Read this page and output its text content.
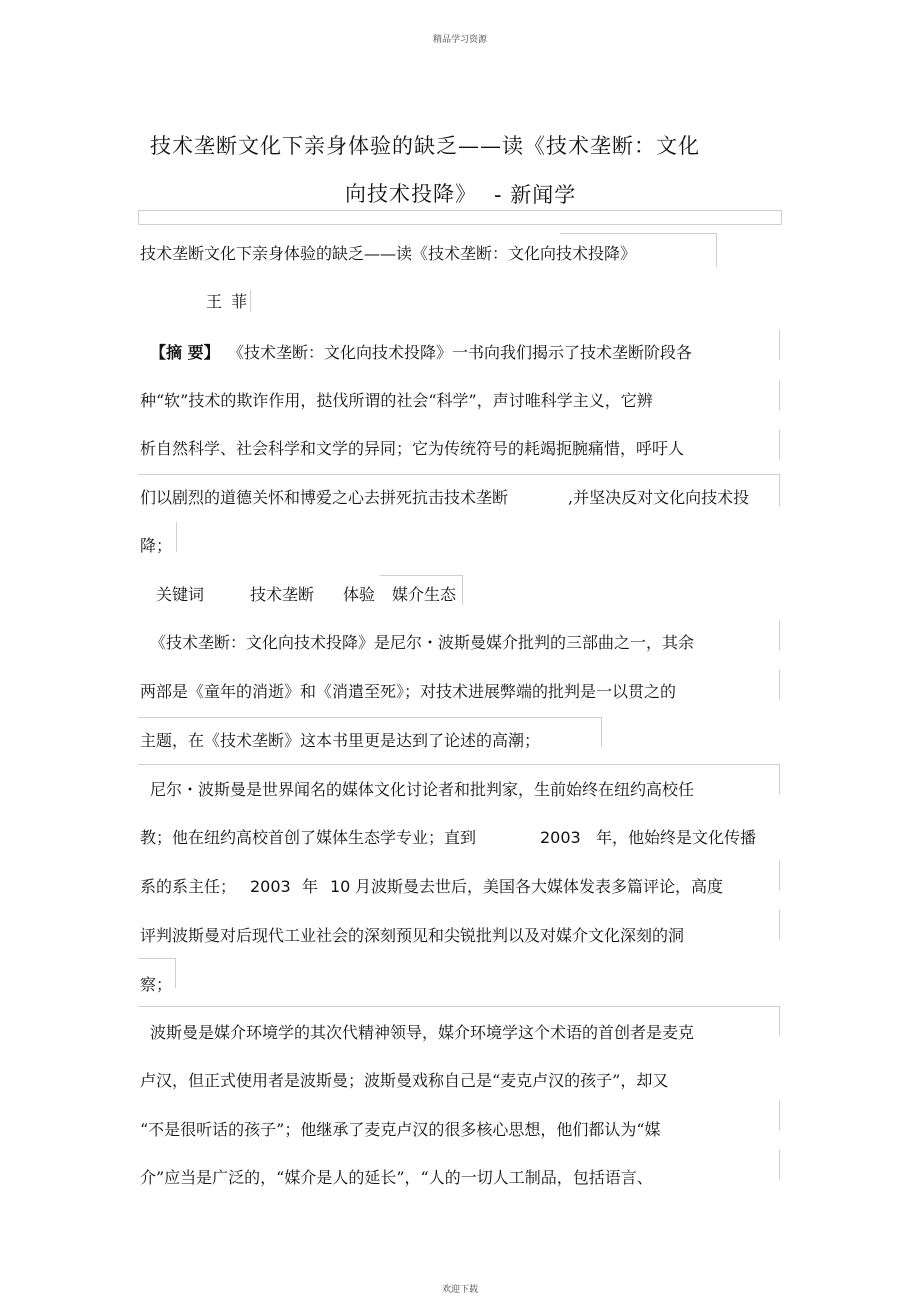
精品学习资源
欢迎下载
技术垄断文化下亲身体验的缺乏——读《技术垄断：文化
向技术投降》 - 新闻学
技术垄断文化下亲身体验的缺乏——读《技术垄断：文化向技术投降》
王 菲
【摘 要】 《技术垄断：文化向技术投降》一书向我们揭示了技术垄断阶段各
种“软”技术的欺诈作用，挞伐所谓的社会“科学”，声讨唯科学主义，它辨
析自然科学、社会科学和文学的异同；它为传统符号的耗竭扼腕痛惜，呼吁人
们以剧烈的道德关怀和博爱之心去拼死抗击技术垄断	,并坚决反对文化向技术投
降；
关键词	技术垄断 体验 媒介生态
《技术垄断：文化向技术投降》是尼尔・波斯曼媒介批判的三部曲之一，其余
两部是《童年的消逝》和《消遣至死》；对技术进展弊端的批判是一以贯之的
主题，在《技术垄断》这本书里更是达到了论述的高潮；
尼尔・波斯曼是世界闻名的媒体文化讨论者和批判家，生前始终在纽约高校任
教；他在纽约高校首创了媒体生态学专业；直到	2003 年，他始终是文化传播
系的系主任； 2003 年 10 月波斯曼去世后，美国各大媒体发表多篇评论，高度
评判波斯曼对后现代工业社会的深刻预见和尖锐批判以及对媒介文化深刻的洞
察；
波斯曼是媒介环境学的其次代精神领导，媒介环境学这个术语的首创者是麦克
卢汉，但正式使用者是波斯曼；波斯曼戏称自己是“麦克卢汉的孩子”，却又
“不是很听话的孩子”；他继承了麦克卢汉的很多核心思想，他们都认为“媒
介”应当是广泛的，“媒介是人的延长”，“人的一切人工制品，包括语言、
